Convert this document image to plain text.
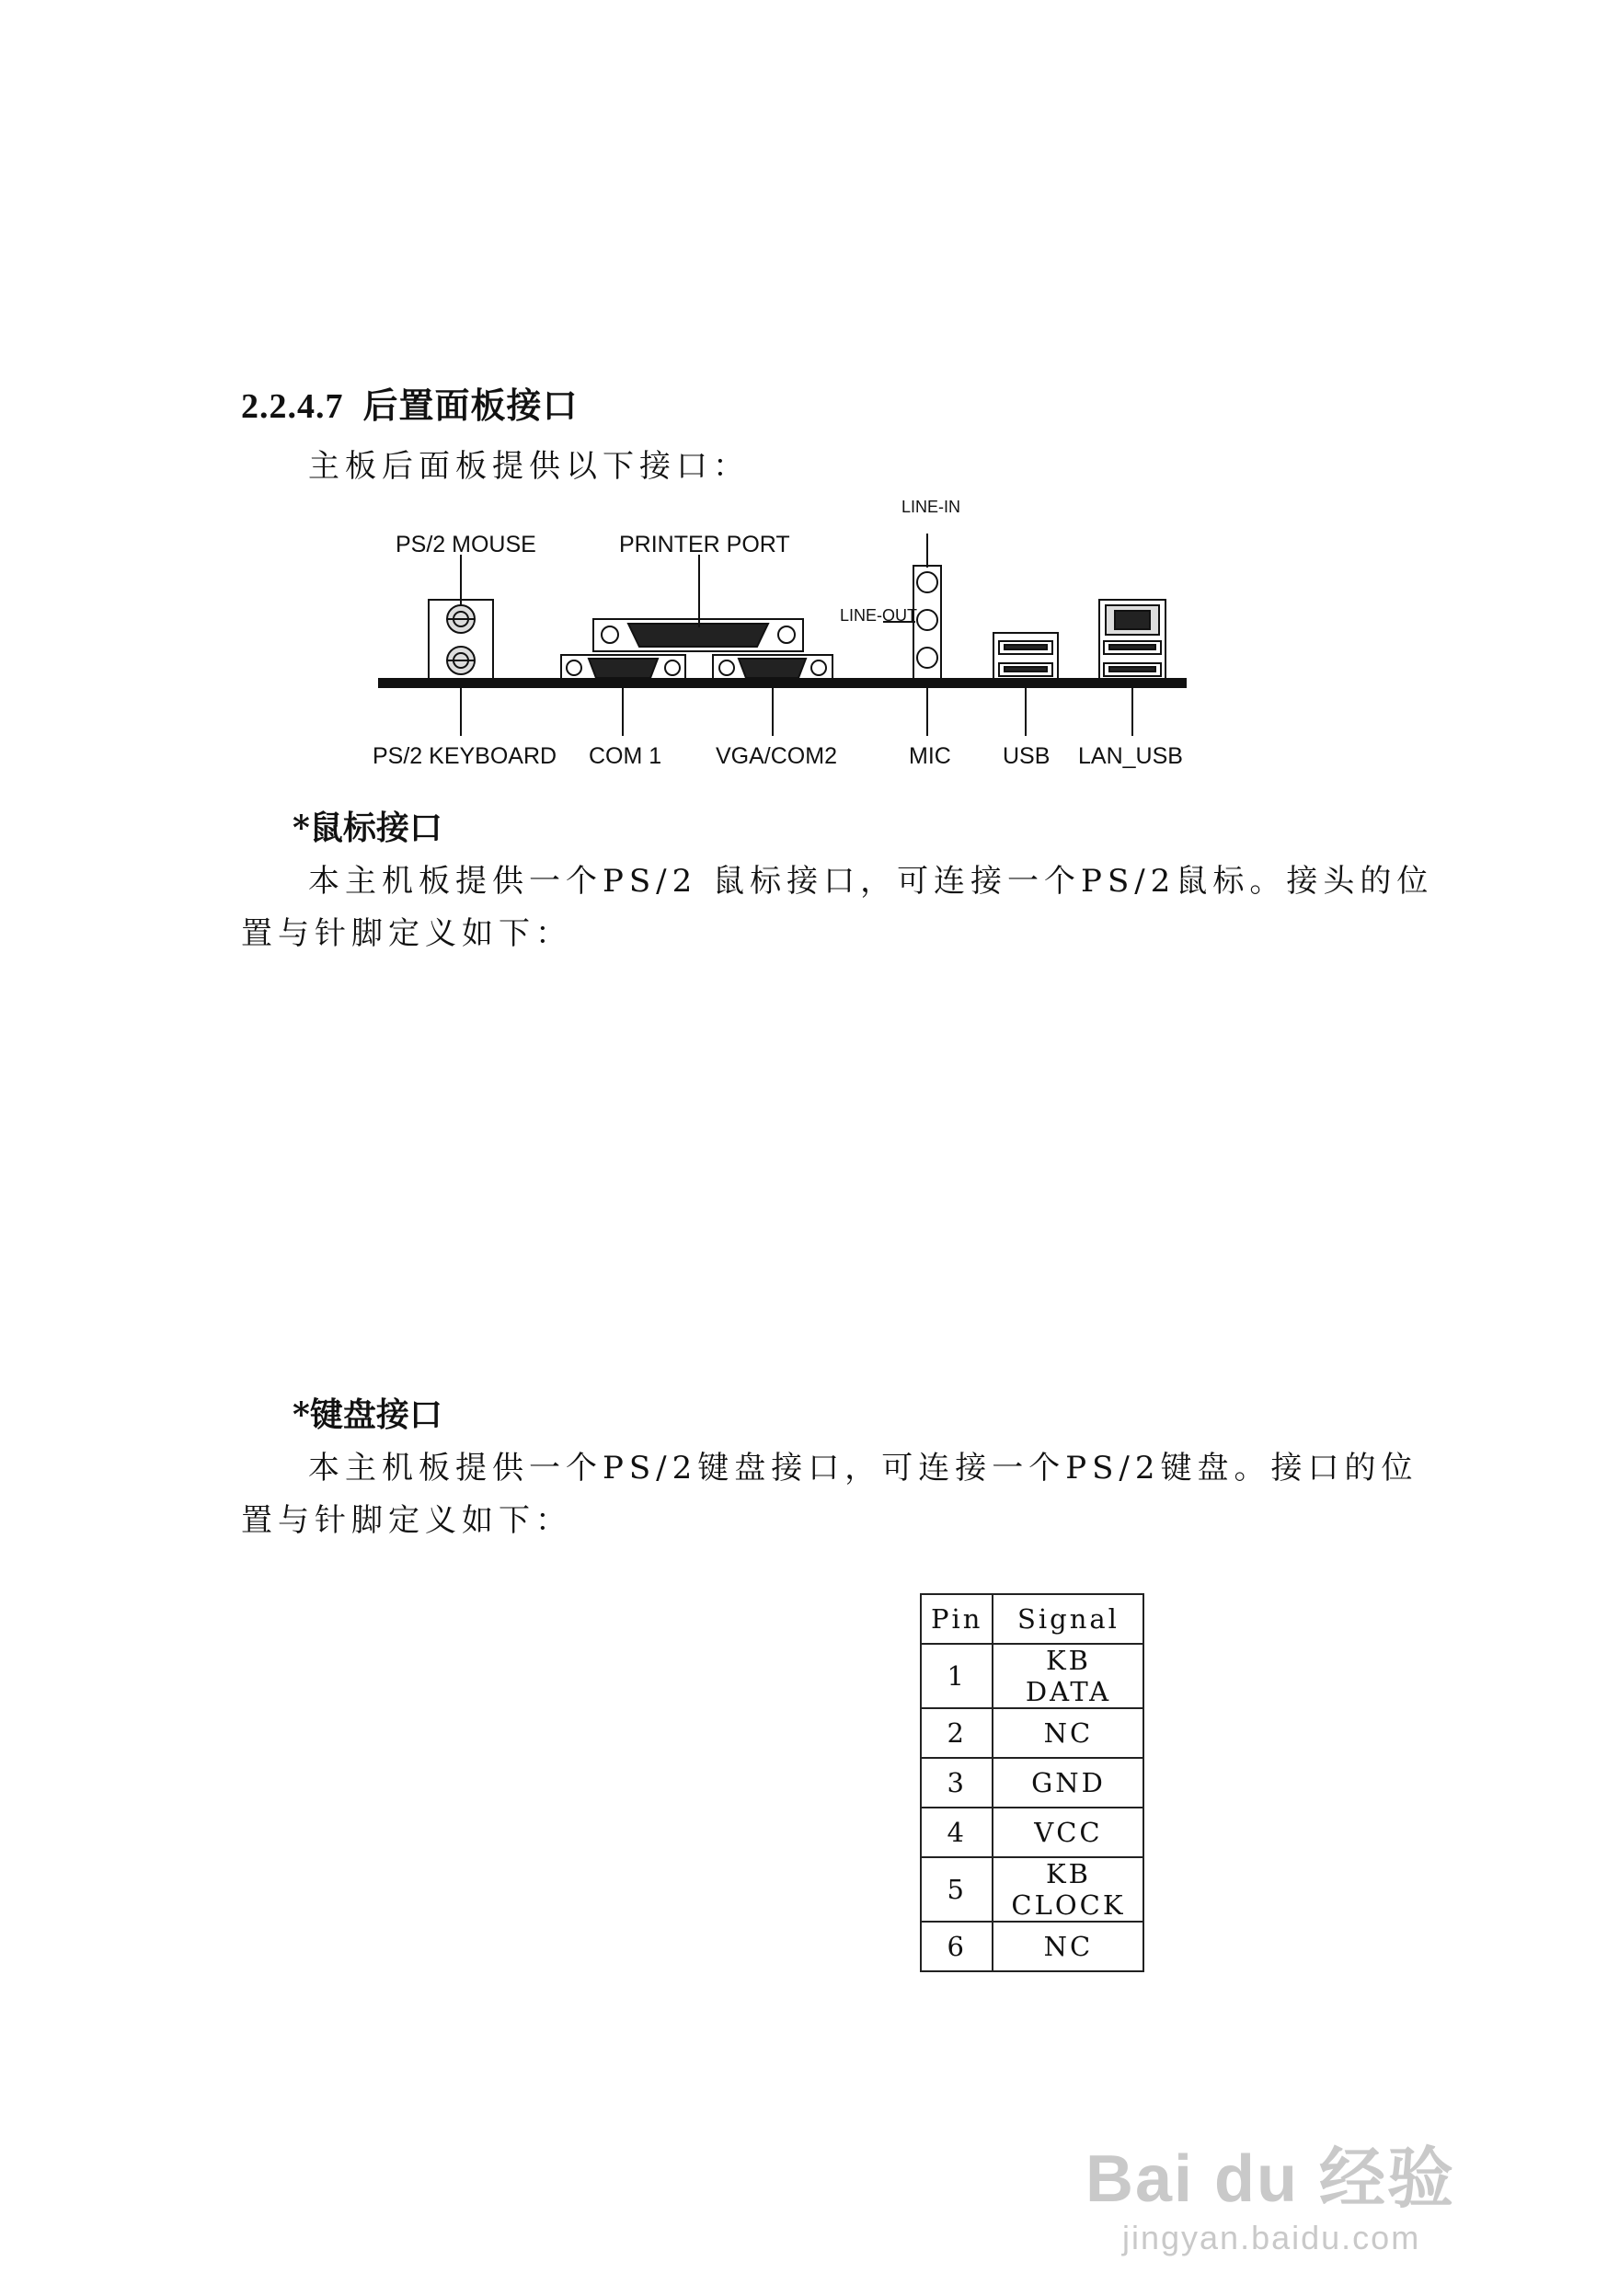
2.2.4.7 后置面板接口
主板后面板提供以下接口：
PS/2 MOUSE	PRINTER PORT
LINE-IN
LINE-OUT
PS/2 KEYBOARD COM 1 VGA/COM2	MIC USB LAN_USB
*鼠标接口
本主机板提供一个PS/2 鼠标接口，可连接一个PS/2鼠标。接头的位
置与针脚定义如下：
*键盘接口
本主机板提供一个PS/2键盘接口，可连接一个PS/2键盘。接口的位
置与针脚定义如下：
Pin	Signal
1	KB DATA
2	NC
3	GND
4	VCC
5	KB CLOCK
6	NC
Bai du 经验
jingyan.baidu.com
